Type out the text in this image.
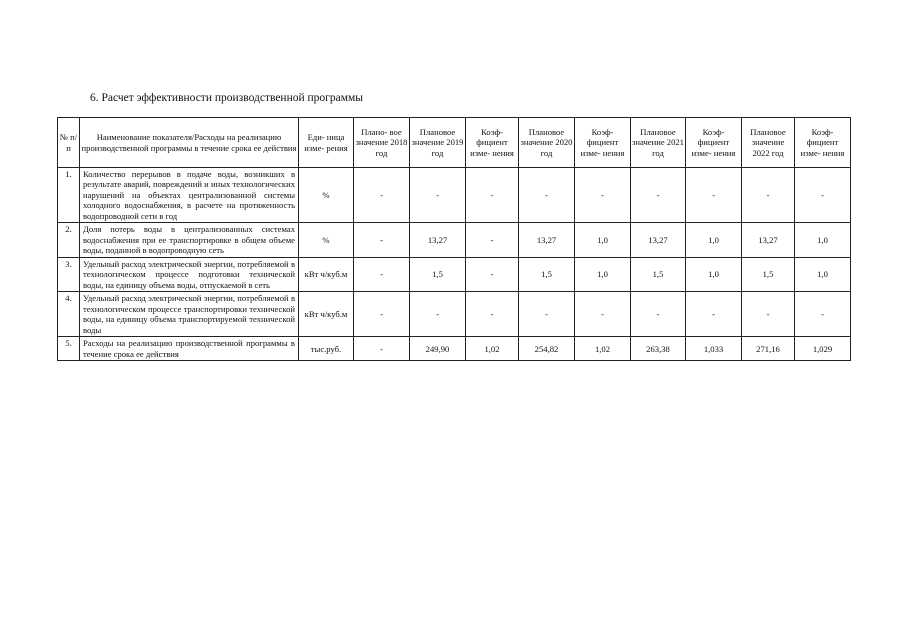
6. Расчет эффективности производственной программы
№ п/п	Наименование показателя/Расходы на реализацию производственной программы в течение срока ее действия	Еди- ница изме- рения	Плано- вое значение 2018 год	Плановое значение 2019 год	Коэф- фициент изме- нения	Плановое значение 2020 год	Коэф- фициент изме- нения	Плановое значение 2021 год	Коэф- фициент изме- нения	Плановое значение 2022 год	Коэф- фициент изме- нения
1.	Количество перерывов в подаче воды, возникших в результате аварий, повреждений и иных технологических нарушений на объектах централизованной системы холодного водоснабжения, в расчете на протяженность водопроводной сети в год	%	-	-	-	-	-	-	-	-	-
2.	Доля потерь воды в централизованных системах водоснабжения при ее транспортировке в общем объеме воды, поданной в водопроводную сеть	%	-	13,27	-	13,27	1,0	13,27	1,0	13,27	1,0
3.	Удельный расход электрической энергии, потребляемой в технологическом процессе подготовки технической воды, на единицу объема воды, отпускаемой в сеть	кВт ч/куб.м	-	1,5	-	1,5	1,0	1,5	1,0	1,5	1,0
4.	Удельный расход электрической энергии, потребляемой в технологическом процессе транспортировки технической воды, на единицу объема транспортируемой технической воды	кВт ч/куб.м	-	-	-	-	-	-	-	-	-
5.	Расходы на реализацию производственной программы в течение срока ее действия	тыс.руб.	-	249,90	1,02	254,82	1,02	263,38	1,033	271,16	1,029
